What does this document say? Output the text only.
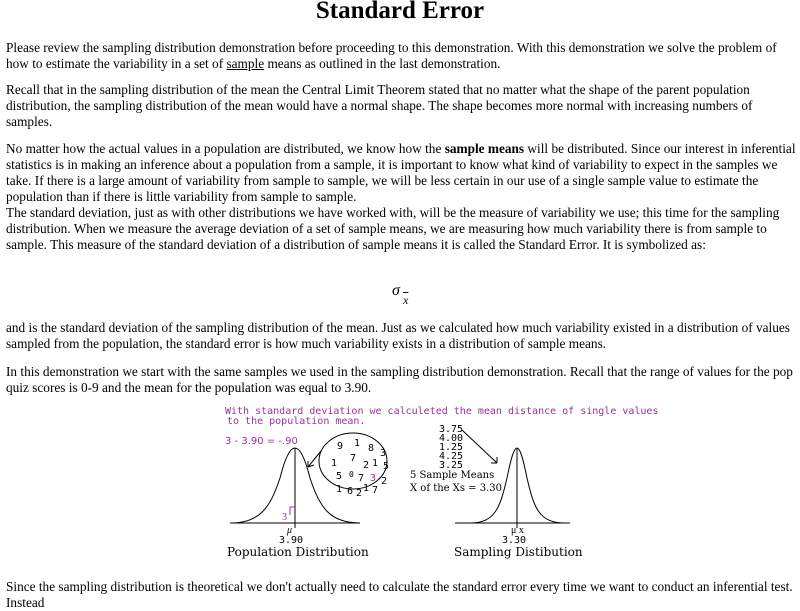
Standard Error

Please review the sampling distribution demonstration before proceeding to this demonstration. With this demonstration we solve the problem of how to estimate the variability in a set of sample means as outlined in the last demonstration.

Recall that in the sampling distribution of the mean the Central Limit Theorem stated that no matter what the shape of the parent population distribution, the sampling distribution of the mean would have a normal shape. The shape becomes more normal with increasing numbers of samples.

No matter how the actual values in a population are distributed, we know how the sample means will be distributed. Since our interest in inferential statistics is in making an inference about a population from a sample, it is important to know what kind of variability to expect in the samples we take. If there is a large amount of variability from sample to sample, we will be less certain in our use of a single sample value to estimate the population than if there is little variability from sample to sample.

The standard deviation, just as with other distributions we have worked with, will be the measure of variability we use; this time for the sampling distribution. When we measure the average deviation of a set of sample means, we are measuring how much variability there is from sample to sample. This measure of the standard deviation of a distribution of sample means it is called the Standard Error. It is symbolized as:

σ
$\overline{x}$

and is the standard deviation of the sampling distribution of the mean. Just as we calculated how much variability existed in a distribution of values sampled from the population, the standard error is how much variability exists in a distribution of sample means.

In this demonstration we start with the same samples we used in the sampling distribution demonstration. Recall that the range of values for the pop quiz scores is 0-9 and the mean for the population was equal to 3.90.

With standard deviation we calculeted the mean distance of single values
to the population mean.
3 - 3.90 = -.90	9 1 8 3
1 7
2 1 5
5 0 7 3 2
1 6 2 1 7
3
μ
3.90
Population Distribution
3.75
4.00
1.25
4.25
3.25
5 Sample Means
X of the Xs = 3.30
μ x
3.30
Sampling Distibution

Since the sampling distribution is theoretical we don't actually need to calculate the standard error every time we want to conduct an inferential test. Instead
